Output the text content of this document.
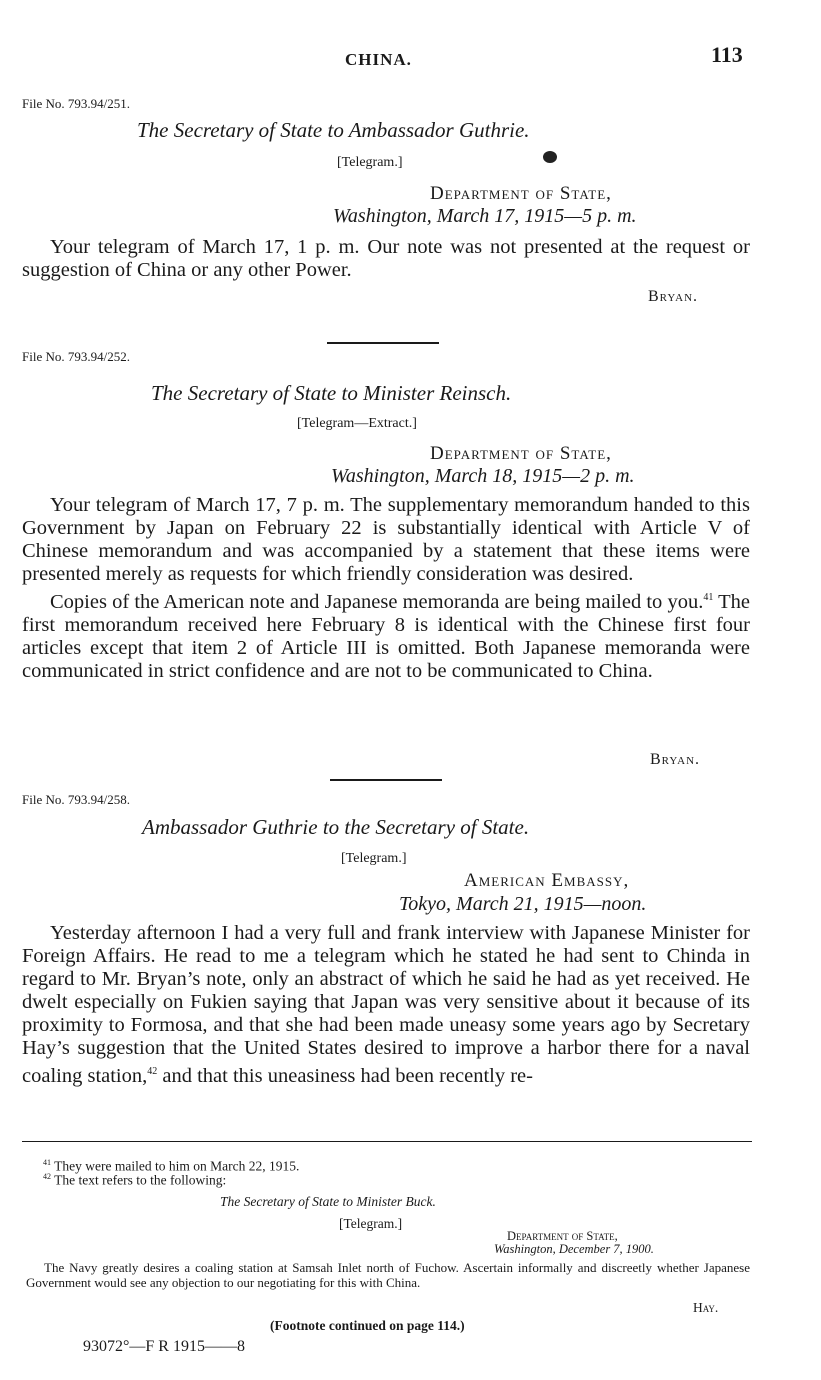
CHINA.	113
File No. 793.94/251.
The Secretary of State to Ambassador Guthrie.
[Telegram.]
Department of State,
Washington, March 17, 1915—5 p. m.

Your telegram of March 17, 1 p. m. Our note was not presented at the request or suggestion of China or any other Power.

Bryan.
File No. 793.94/252.
The Secretary of State to Minister Reinsch.
[Telegram—Extract.]
Department of State,
Washington, March 18, 1915—2 p. m.

Your telegram of March 17, 7 p. m. The supplementary memorandum handed to this Government by Japan on February 22 is substantially identical with Article V of Chinese memorandum and was accompanied by a statement that these items were presented merely as requests for which friendly consideration was desired.

Copies of the American note and Japanese memoranda are being mailed to you.$^{41}$ The first memorandum received here February 8 is identical with the Chinese first four articles except that item 2 of Article III is omitted. Both Japanese memoranda were communicated in strict confidence and are not to be communicated to China.

Bryan.
File No. 793.94/258.
Ambassador Guthrie to the Secretary of State.
[Telegram.]
American Embassy,
Tokyo, March 21, 1915—noon.

Yesterday afternoon I had a very full and frank interview with Japanese Minister for Foreign Affairs. He read to me a telegram which he stated he had sent to Chinda in regard to Mr. Bryan’s note, only an abstract of which he said he had as yet received. He dwelt especially on Fukien saying that Japan was very sensitive about it because of its proximity to Formosa, and that she had been made uneasy some years ago by Secretary Hay’s suggestion that the United States desired to improve a harbor there for a naval coaling station,$^{42}$ and that this uneasiness had been recently re-

$^{41}$ They were mailed to him on March 22, 1915.
$^{42}$ The text refers to the following:
The Secretary of State to Minister Buck.
[Telegram.]
Department of State,
Washington, December 7, 1900.
The Navy greatly desires a coaling station at Samsah Inlet north of Fuchow. Ascertain informally and discreetly whether Japanese Government would see any objection to our negotiating for this with China.
Hay.
(Footnote continued on page 114.)
93072°—F R 1915——8
